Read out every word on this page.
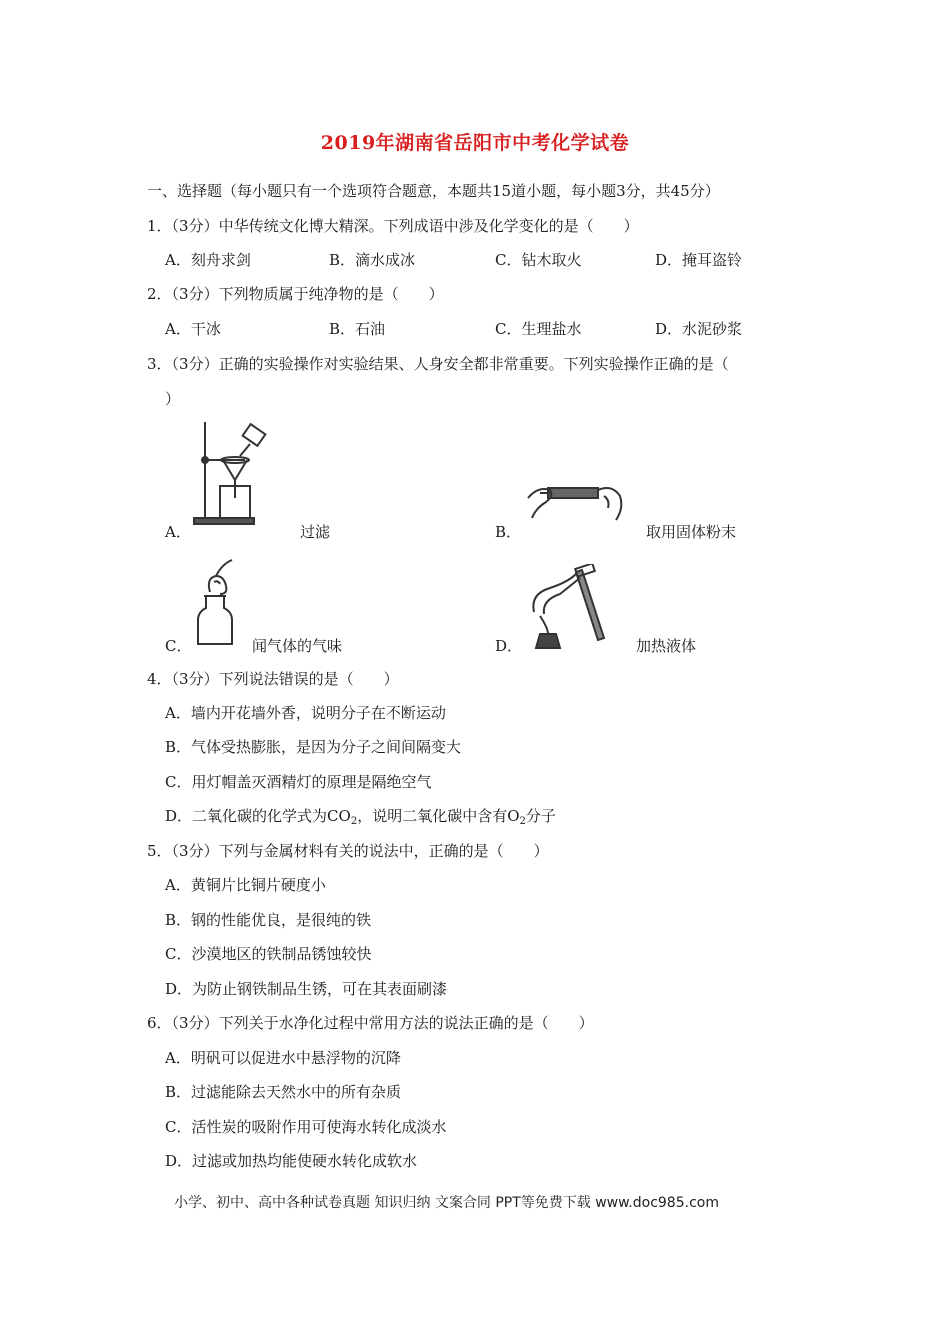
2019年湖南省岳阳市中考化学试卷
一、选择题（每小题只有一个选项符合题意，本题共15道小题，每小题3分，共45分）
1．（3分）中华传统文化博大精深。下列成语中涉及化学变化的是（　　）
A．刻舟求剑	B．滴水成冰	C．钻木取火	D．掩耳盗铃
2．（3分）下列物质属于纯净物的是（　　）
A．干冰	B．石油	C．生理盐水	D．水泥砂浆
3．（3分）正确的实验操作对实验结果、人身安全都非常重要。下列实验操作正确的是（
）
A．	过滤	B．	取用固体粉末
C．	闻气体的气味	D．	加热液体
4．（3分）下列说法错误的是（　　）
A．墙内开花墙外香，说明分子在不断运动
B．气体受热膨胀，是因为分子之间间隔变大
C．用灯帽盖灭酒精灯的原理是隔绝空气
D．二氧化碳的化学式为$CO_2$，说明二氧化碳中含有$O_2$分子
5．（3分）下列与金属材料有关的说法中，正确的是（　　）
A．黄铜片比铜片硬度小
B．钢的性能优良，是很纯的铁
C．沙漠地区的铁制品锈蚀较快
D．为防止钢铁制品生锈，可在其表面刷漆
6．（3分）下列关于水净化过程中常用方法的说法正确的是（　　）
A．明矾可以促进水中悬浮物的沉降
B．过滤能除去天然水中的所有杂质
C．活性炭的吸附作用可使海水转化成淡水
D．过滤或加热均能使硬水转化成软水
小学、初中、高中各种试卷真题 知识归纳 文案合同 PPT等免费下载 www.doc985.com
